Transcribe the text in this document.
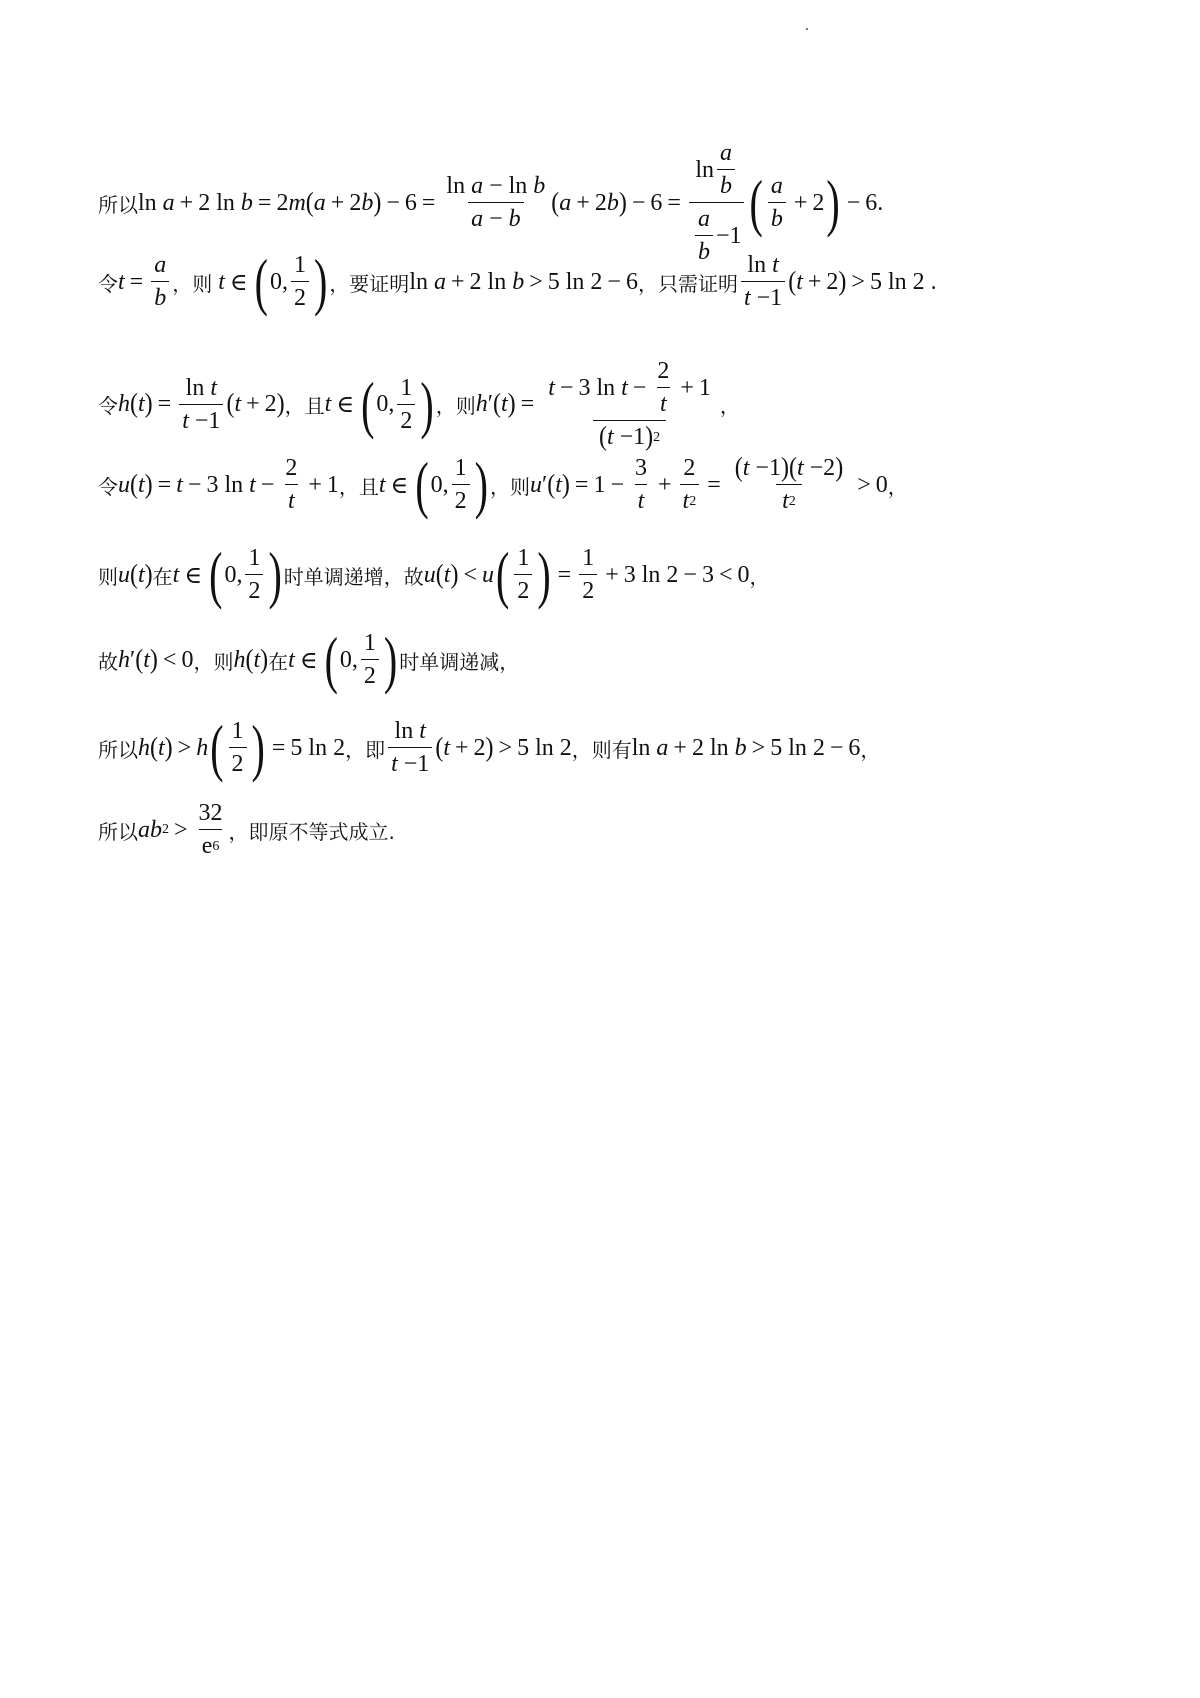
所以 ln a + 2 ln b = 2 m ( a + 2 b ) − $6 = \frac{\text{ln a − ln b}}{a - b}$ ( a + 2 b ) − $6 = \frac{\ln \frac{a}{b}}{\frac{a}{b} -1}$ ( $\frac{a}{b} + 2$ ) − 6.
令 $t = \frac{a}{b}$ ，则
t ∈ ( 0, $\frac{1}{2}$ ) ，要证明 ln a + 2 ln b > 5 ln 2 − 6 ，只需证明 $\frac{\text{ln t}}{t -1}$ ( t + 2 ) > 5 ln 2 .
令 h ( t ) = $\frac{\text{ln t}}{t -1}$ ( t + 2 ) ，且 t ∈ ( 0, $\frac{1}{2}$ ) ，则 h ′ ( t ) = $\frac{t - 3 \ln t - \frac{2}{t} + 1}{( t -1 ) 2}$ ，
令 u ( t ) = t − 3 $\ln t - \frac{2}{t} + 1$ ，且 t ∈ ( 0, $\frac{1}{2}$ ) ，则 u ′ ( t ) = $1 - \frac{3}{t} + \frac{2}{t 2} = \frac{( t -1 ) ( t -2 )}{t 2} > 0$ ，
则 u ( t ) 在 t ∈ ( 0, $\frac{1}{2}$ ) 时单调递增，故 u ( t ) < u ( $\frac{1}{2}$ ) = $\frac{1}{2} + 3$ ln 2 − 3 < 0 ，
故 h ′ ( t ) < 0 ，则 h ( t ) 在 t ∈ ( 0, $\frac{1}{2}$ ) 时单调递减，
所以 h ( t ) > h ( $\frac{1}{2}$ ) = 5 ln 2 ，即 $\frac{\text{ln t}}{t -1}$ ( t + 2 ) > 5 ln 2 ，则有 ln a + 2 ln b > 5 ln 2 − 6 ，
所以 ab $2 > \frac{32}{e 6}$ ，即原不等式成立.
